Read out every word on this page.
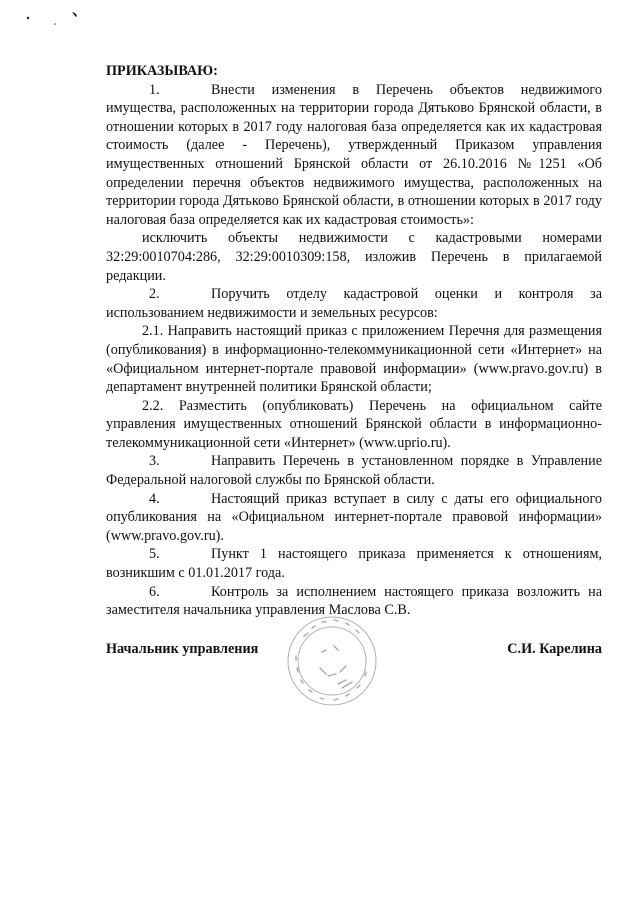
ПРИКАЗЫВАЮ:

1.	Внести изменения в Перечень объектов недвижимого имущества, расположенных на территории города Дятьково Брянской области, в отношении которых в 2017 году налоговая база определяется как их кадастровая стоимость (далее - Перечень), утвержденный Приказом управления имущественных отношений Брянской области от 26.10.2016 №1251 «Об определении перечня объектов недвижимого имущества, расположенных на территории города Дятьково Брянской области, в отношении которых в 2017 году налоговая база определяется как их кадастровая стоимость»:

исключить объекты недвижимости с кадастровыми номерами 32:29:0010704:286, 32:29:0010309:158, изложив Перечень в прилагаемой редакции.

2.	Поручить отделу кадастровой оценки и контроля за использованием недвижимости и земельных ресурсов:

2.1. Направить настоящий приказ с приложением Перечня для размещения (опубликования) в информационно-телекоммуникационной сети «Интернет» на «Официальном интернет-портале правовой информации» (www.pravo.gov.ru) в департамент внутренней политики Брянской области;

2.2. Разместить (опубликовать) Перечень на официальном сайте управления имущественных отношений Брянской области в информационно-телекоммуникационной сети «Интернет» (www.uprio.ru).

3.	Направить Перечень в установленном порядке в Управление Федеральной налоговой службы по Брянской области.

4.	Настоящий приказ вступает в силу с даты его официального опубликования на «Официальном интернет-портале правовой информации» (www.pravo.gov.ru).

5.	Пункт 1 настоящего приказа применяется к отношениям, возникшим с 01.01.2017 года.

6.	Контроль за исполнением настоящего приказа возложить на заместителя начальника управления Маслова С.В.

Начальник управления	С.И. Карелина
